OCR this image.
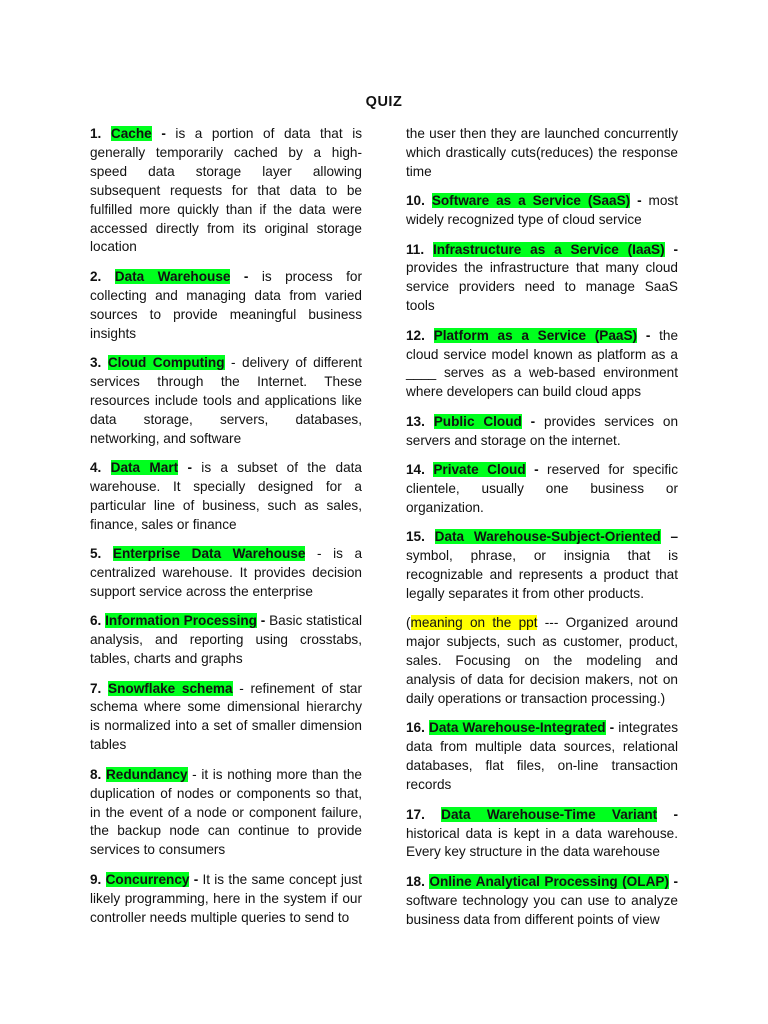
QUIZ

1. Cache - is a portion of data that is generally temporarily cached by a high-speed data storage layer allowing subsequent requests for that data to be fulfilled more quickly than if the data were accessed directly from its original storage location

2. Data Warehouse - is process for collecting and managing data from varied sources to provide meaningful business insights

3. Cloud Computing - delivery of different services through the Internet. These resources include tools and applications like data storage, servers, databases, networking, and software

4. Data Mart - is a subset of the data warehouse. It specially designed for a particular line of business, such as sales, finance, sales or finance

5. Enterprise Data Warehouse - is a centralized warehouse. It provides decision support service across the enterprise

6. Information Processing - Basic statistical analysis, and reporting using crosstabs, tables, charts and graphs

7. Snowflake schema - refinement of star schema where some dimensional hierarchy is normalized into a set of smaller dimension tables

8. Redundancy - it is nothing more than the duplication of nodes or components so that, in the event of a node or component failure, the backup node can continue to provide services to consumers

9. Concurrency - It is the same concept just likely programming, here in the system if our controller needs multiple queries to send to

the user then they are launched concurrently which drastically cuts(reduces) the response time

10. Software as a Service (SaaS) - most widely recognized type of cloud service

11. Infrastructure as a Service (IaaS) - provides the infrastructure that many cloud service providers need to manage SaaS tools

12. Platform as a Service (PaaS) - the cloud service model known as platform as a ____ serves as a web-based environment where developers can build cloud apps

13. Public Cloud - provides services on servers and storage on the internet.

14. Private Cloud - reserved for specific clientele, usually one business or organization.

15. Data Warehouse-Subject-Oriented – symbol, phrase, or insignia that is recognizable and represents a product that legally separates it from other products.

(meaning on the ppt --- Organized around major subjects, such as customer, product, sales. Focusing on the modeling and analysis of data for decision makers, not on daily operations or transaction processing.)

16. Data Warehouse-Integrated - integrates data from multiple data sources, relational databases, flat files, on-line transaction records

17. Data Warehouse-Time Variant - historical data is kept in a data warehouse. Every key structure in the data warehouse

18. Online Analytical Processing (OLAP) - software technology you can use to analyze business data from different points of view
